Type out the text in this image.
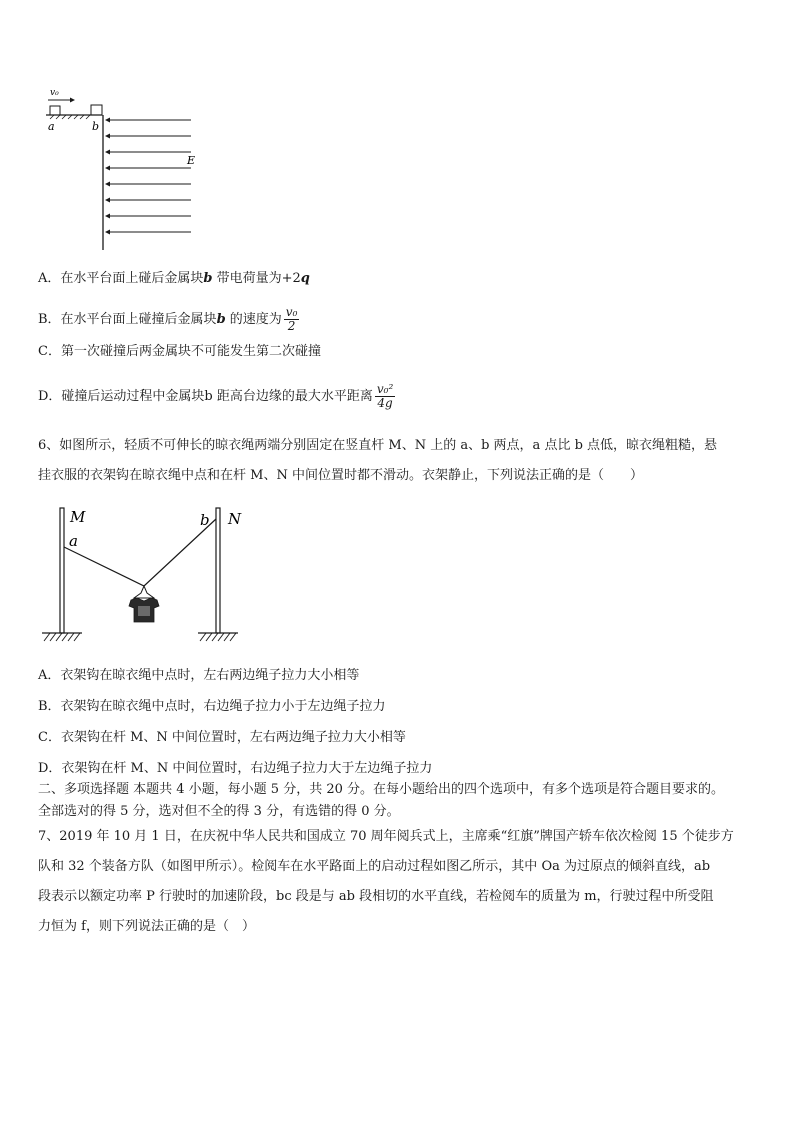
v₀
a	b
E
A．在水平台面上碰后金属块b 带电荷量为+2q
B．在水平台面上碰撞后金属块b 的速度为 $\frac{\text{v₀}}{2}$
C．第一次碰撞后两金属块不可能发生第二次碰撞
D．碰撞后运动过程中金属块b 距高台边缘的最大水平距离 $\frac{\text{v₀²}}{4g}$
6、如图所示，轻质不可伸长的晾衣绳两端分别固定在竖直杆 M、N 上的 a、b 两点，a 点比 b 点低，晾衣绳粗糙，悬
挂衣服的衣架钩在晾衣绳中点和在杆 M、N 中间位置时都不滑动。衣架静止，下列说法正确的是（　　）
M
a
b N
A．衣架钩在晾衣绳中点时，左右两边绳子拉力大小相等
B．衣架钩在晾衣绳中点时，右边绳子拉力小于左边绳子拉力
C．衣架钩在杆 M、N 中间位置时，左右两边绳子拉力大小相等
D．衣架钩在杆 M、N 中间位置时，右边绳子拉力大于左边绳子拉力
二、多项选择题 本题共 4 小题，每小题 5 分，共 20 分。在每小题给出的四个选项中，有多个选项是符合题目要求的。
全部选对的得 5 分，选对但不全的得 3 分，有选错的得 0 分。
7、2019 年 10 月 1 日，在庆祝中华人民共和国成立 70 周年阅兵式上，主席乘“红旗”牌国产轿车依次检阅 15 个徒步方
队和 32 个装备方队（如图甲所示）。检阅车在水平路面上的启动过程如图乙所示，其中 Oa 为过原点的倾斜直线，ab
段表示以额定功率 P 行驶时的加速阶段，bc 段是与 ab 段相切的水平直线，若检阅车的质量为 m，行驶过程中所受阻
力恒为 f，则下列说法正确的是（　）
